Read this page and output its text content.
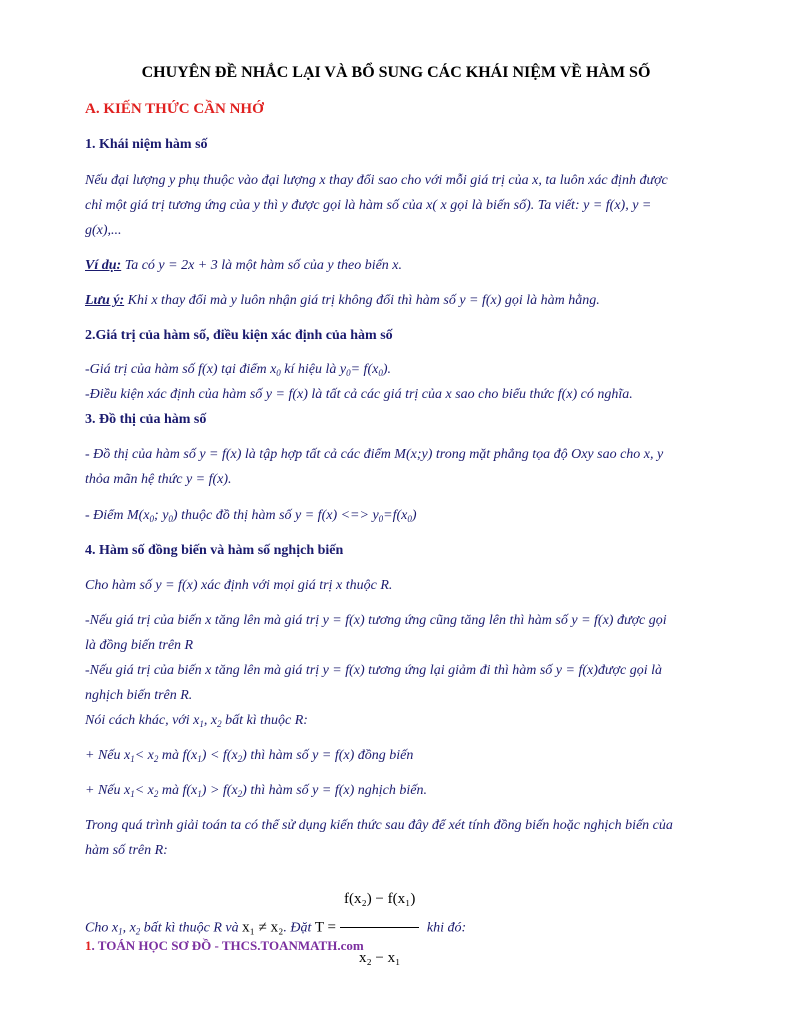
CHUYÊN ĐỀ NHẮC LẠI VÀ BỔ SUNG CÁC KHÁI NIỆM VỀ HÀM SỐ
A. KIẾN THỨC CẦN NHỚ
1. Khái niệm hàm số
Nếu đại lượng y phụ thuộc vào đại lượng x thay đổi sao cho với mỗi giá trị của x, ta luôn xác định được
chỉ một giá trị tương ứng của y thì y được gọi là hàm số của x( x gọi là biến số). Ta viết: y = f(x), y =
g(x),...
Ví dụ: Ta có y = 2x + 3 là một hàm số của y theo biến x.
Lưu ý: Khi x thay đổi mà y luôn nhận giá trị không đổi thì hàm số y = f(x) gọi là hàm hằng.
2.Giá trị của hàm số, điều kiện xác định của hàm số
-Giá trị của hàm số f(x) tại điểm $x_0$ kí hiệu là $y_0= f(x_0)$.
-Điều kiện xác định của hàm số y = f(x) là tất cả các giá trị của x sao cho biểu thức f(x) có nghĩa.
3. Đồ thị của hàm số
- Đồ thị của hàm số y = f(x) là tập hợp tất cả các điểm M(x;y) trong mặt phẳng tọa độ Oxy sao cho x, y
thỏa mãn hệ thức y = f(x).
- Điểm $M(x_0$; $y_0$) thuộc đồ thị hàm số y = f(x) <=> $y_0=f(x_0)$
4. Hàm số đồng biến và hàm số nghịch biến
Cho hàm số y = f(x) xác định với mọi giá trị x thuộc R.
-Nếu giá trị của biến x tăng lên mà giá trị y = f(x) tương ứng cũng tăng lên thì hàm số y = f(x) được gọi
là đồng biến trên R
-Nếu giá trị của biến x tăng lên mà giá trị y = f(x) tương ứng lại giảm đi thì hàm số y = f(x)được gọi là
nghịch biến trên R.
Nói cách khác, với $x_1$, $x_2$ bất kì thuộc R:
+ Nếu $x_1< x_2$ mà $f(x_1) < f(x_2)$ thì hàm số y = f(x) đồng biến
+ Nếu $x_1< x_2$ mà $f(x_1) > f(x_2)$ thì hàm số y = f(x) nghịch biến.
Trong quá trình giải toán ta có thể sử dụng kiến thức sau đây để xét tính đồng biến hoặc nghịch biến của
hàm số trên R:
Cho $x_1$, $x_2$ bất kì thuộc R và x₁ ≠ x₂. Đặt $T = \frac{\text{f(x₂) − f(x₁)}}{\text{x₂ − x₁}}$ khi đó:
1. TOÁN HỌC SƠ ĐỒ - THCS.TOANMATH.com
